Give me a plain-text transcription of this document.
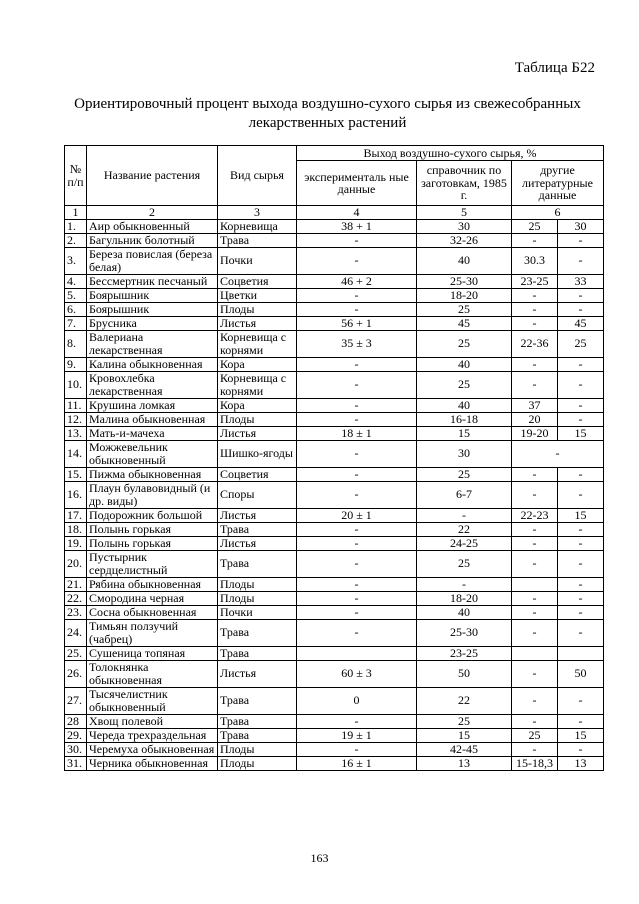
Таблица Б22
Ориентировочный процент выхода воздушно-сухого сырья из свежесобранных лекарственных растений
№ п/п	Название растения	Вид сырья	Выход воздушно-сухого сырья, %			
			эксперименталь ные данные	справочник по заготовкам, 1985 г.	другие литературные данные	
1	2	3	4	5	6	
1.	Аир обыкновенный	Корневища	38 + 1	30	25	30
2.	Багульник болотный	Трава	-	32-26	-	-
3.	Береза повислая (береза белая)	Почки	-	40	30.3	-
4.	Бессмертник песчаный	Соцветия	46 + 2	25-30	23-25	33
5.	Боярышник	Цветки	-	18-20	-	-
6.	Боярышник	Плоды	-	25	-	-
7.	Брусника	Листья	56 + 1	45	-	45
8.	Валериана лекарственная	Корневища с корнями	35 ± 3	25	22-36	25
9.	Калина обыкновенная	Кора	-	40	-	-
10.	Кровохлебка лекарственная	Корневища с корнями	-	25	-	-
11.	Крушина ломкая	Кора	-	40	37	-
12.	Малина обыкновенная	Плоды	-	16-18	20	-
13.	Мать-и-мачеха	Листья	18 ± 1	15	19-20	15
14.	Можжевельник обыкновенный	Шишко-ягоды	-	30	-	
15.	Пижма обыкновенная	Соцветия	-	25	-	-
16.	Плаун булавовидный (и др. виды)	Споры	-	6-7	-	-
17.	Подорожник большой	Листья	20 ± 1	-	22-23	15
18.	Полынь горькая	Трава	-	22	-	-
19.	Полынь горькая	Листья	-	24-25	-	-
20.	Пустырник сердцелистный	Трава	-	25	-	-
21.	Рябина обыкновенная	Плоды	-	-		-
22.	Смородина черная	Плоды	-	18-20	-	-
23.	Сосна обыкновенная	Почки	-	40	-	-
24.	Тимьян ползучий (чабрец)	Трава	-	25-30	-	-
25.	Сушеница топяная	Трава		23-25		
26.	Толокнянка обыкновенная	Листья	60 ± 3	50	-	50
27.	Тысячелистник обыкновенный	Трава	0	22	-	-
28	Хвощ полевой	Трава	-	25	-	-
29.	Череда трехраздельная	Трава	19 ± 1	15	25	15
30.	Черемуха обыкновенная	Плоды	-	42-45	-	-
31.	Черника обыкновенная	Плоды	16 ± 1	13	15-18,3	13
163
